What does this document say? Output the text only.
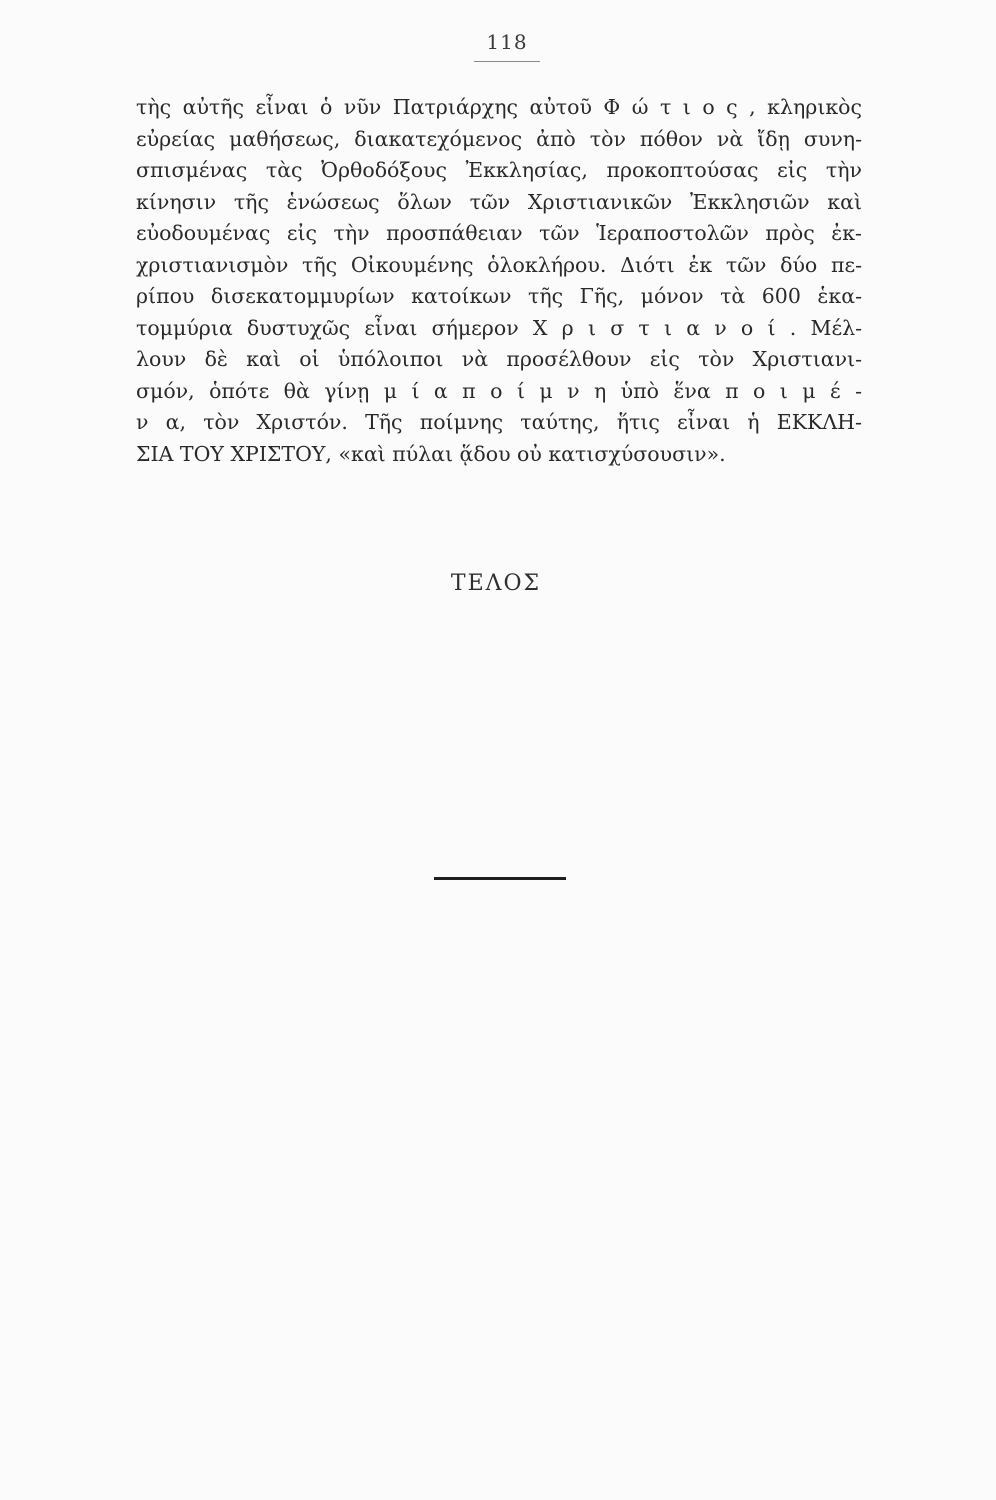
118
τὴς αὐτῆς εἶναι ὁ νῦν Πατριάρχης αὐτοῦ Φ ώ τ ι ο ς , κληρικὸς
εὐρείας μαθήσεως, διακατεχόμενος ἀπὸ τὸν πόθον νὰ ἴδῃ συνη-
σπισμένας τὰς Ὀρθοδόξους Ἐκκλησίας, προκοπτούσας εἰς τὴν
κίνησιν τῆς ἑνώσεως ὅλων τῶν Χριστιανικῶν Ἐκκλησιῶν καὶ
εὐοδουμένας εἰς τὴν προσπάθειαν τῶν Ἱεραποστολῶν πρὸς ἐκ-
χριστιανισμὸν τῆς Οἰκουμένης ὁλοκλήρου. Διότι ἐκ τῶν δύο πε-
ρίπου δισεκατομμυρίων κατοίκων τῆς Γῆς, μόνον τὰ 600 ἑκα-
τομμύρια δυστυχῶς εἶναι σήμερον Χ ρ ι σ τ ι α ν ο ί . Μέλ-
λουν δὲ καὶ οἱ ὑπόλοιποι νὰ προσέλθουν εἰς τὸν Χριστιανι-
σμόν, ὁπότε θὰ γίνῃ μ ί α π ο ί μ ν η ὑπὸ ἕνα π ο ι μ έ -
ν α, τὸν Χριστόν. Τῆς ποίμνης ταύτης, ἥτις εἶναι ἡ ΕΚΚΛΗ-
ΣΙΑ ΤΟΥ ΧΡΙΣΤΟΥ, «καὶ πύλαι ᾅδου οὐ κατισχύσουσιν».
ΤΕΛΟΣ
